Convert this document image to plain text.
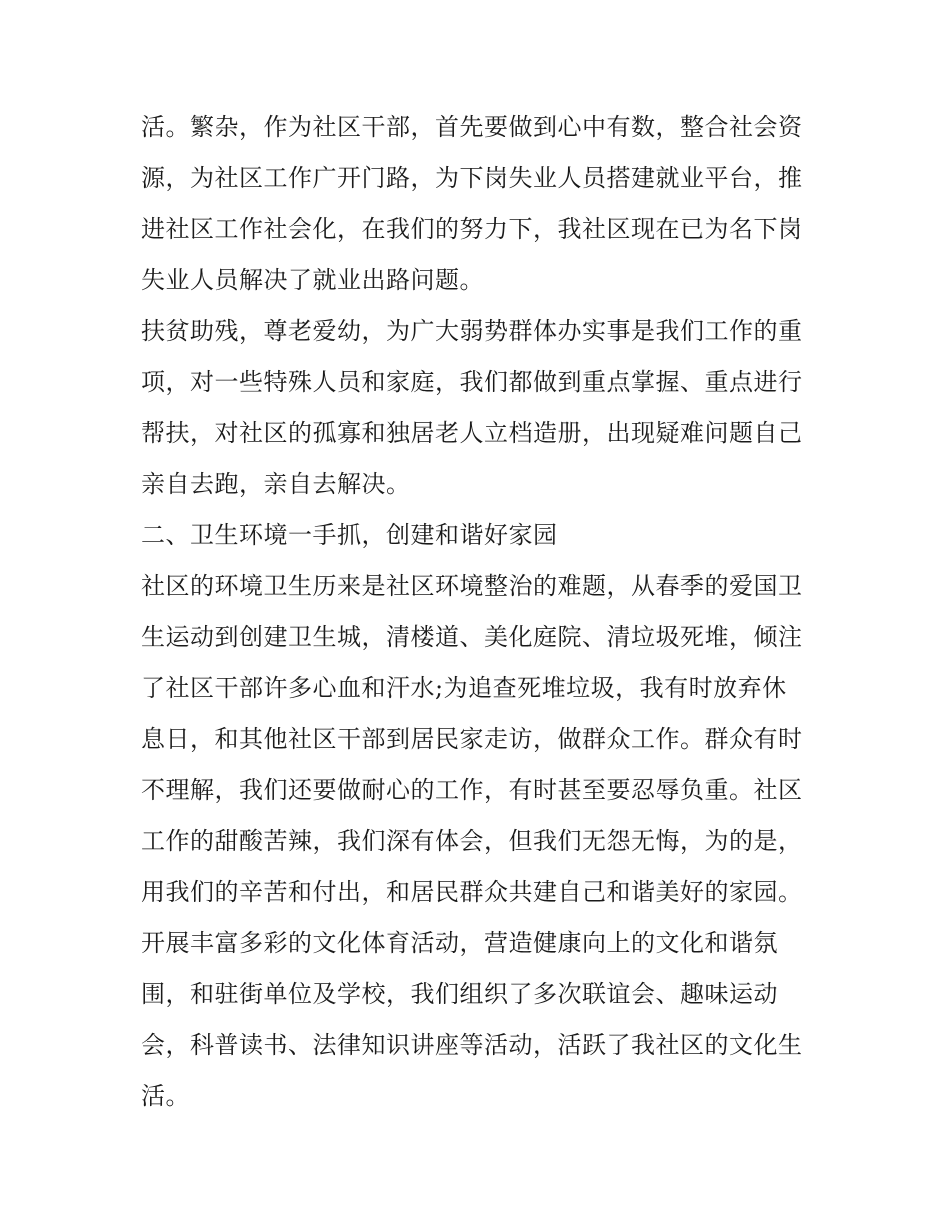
活。繁杂，作为社区干部，首先要做到心中有数，整合社会资
源，为社区工作广开门路，为下岗失业人员搭建就业平台，推
进社区工作社会化，在我们的努力下，我社区现在已为名下岗
失业人员解决了就业出路问题。
扶贫助残，尊老爱幼，为广大弱势群体办实事是我们工作的重
项，对一些特殊人员和家庭，我们都做到重点掌握、重点进行
帮扶，对社区的孤寡和独居老人立档造册，出现疑难问题自己
亲自去跑，亲自去解决。
二、卫生环境一手抓，创建和谐好家园
社区的环境卫生历来是社区环境整治的难题，从春季的爱国卫
生运动到创建卫生城，清楼道、美化庭院、清垃圾死堆，倾注
了社区干部许多心血和汗水;为追查死堆垃圾，我有时放弃休
息日，和其他社区干部到居民家走访，做群众工作。群众有时
不理解，我们还要做耐心的工作，有时甚至要忍辱负重。社区
工作的甜酸苦辣，我们深有体会，但我们无怨无悔，为的是，
用我们的辛苦和付出，和居民群众共建自己和谐美好的家园。
开展丰富多彩的文化体育活动，营造健康向上的文化和谐氛
围，和驻街单位及学校，我们组织了多次联谊会、趣味运动
会，科普读书、法律知识讲座等活动，活跃了我社区的文化生
活。
